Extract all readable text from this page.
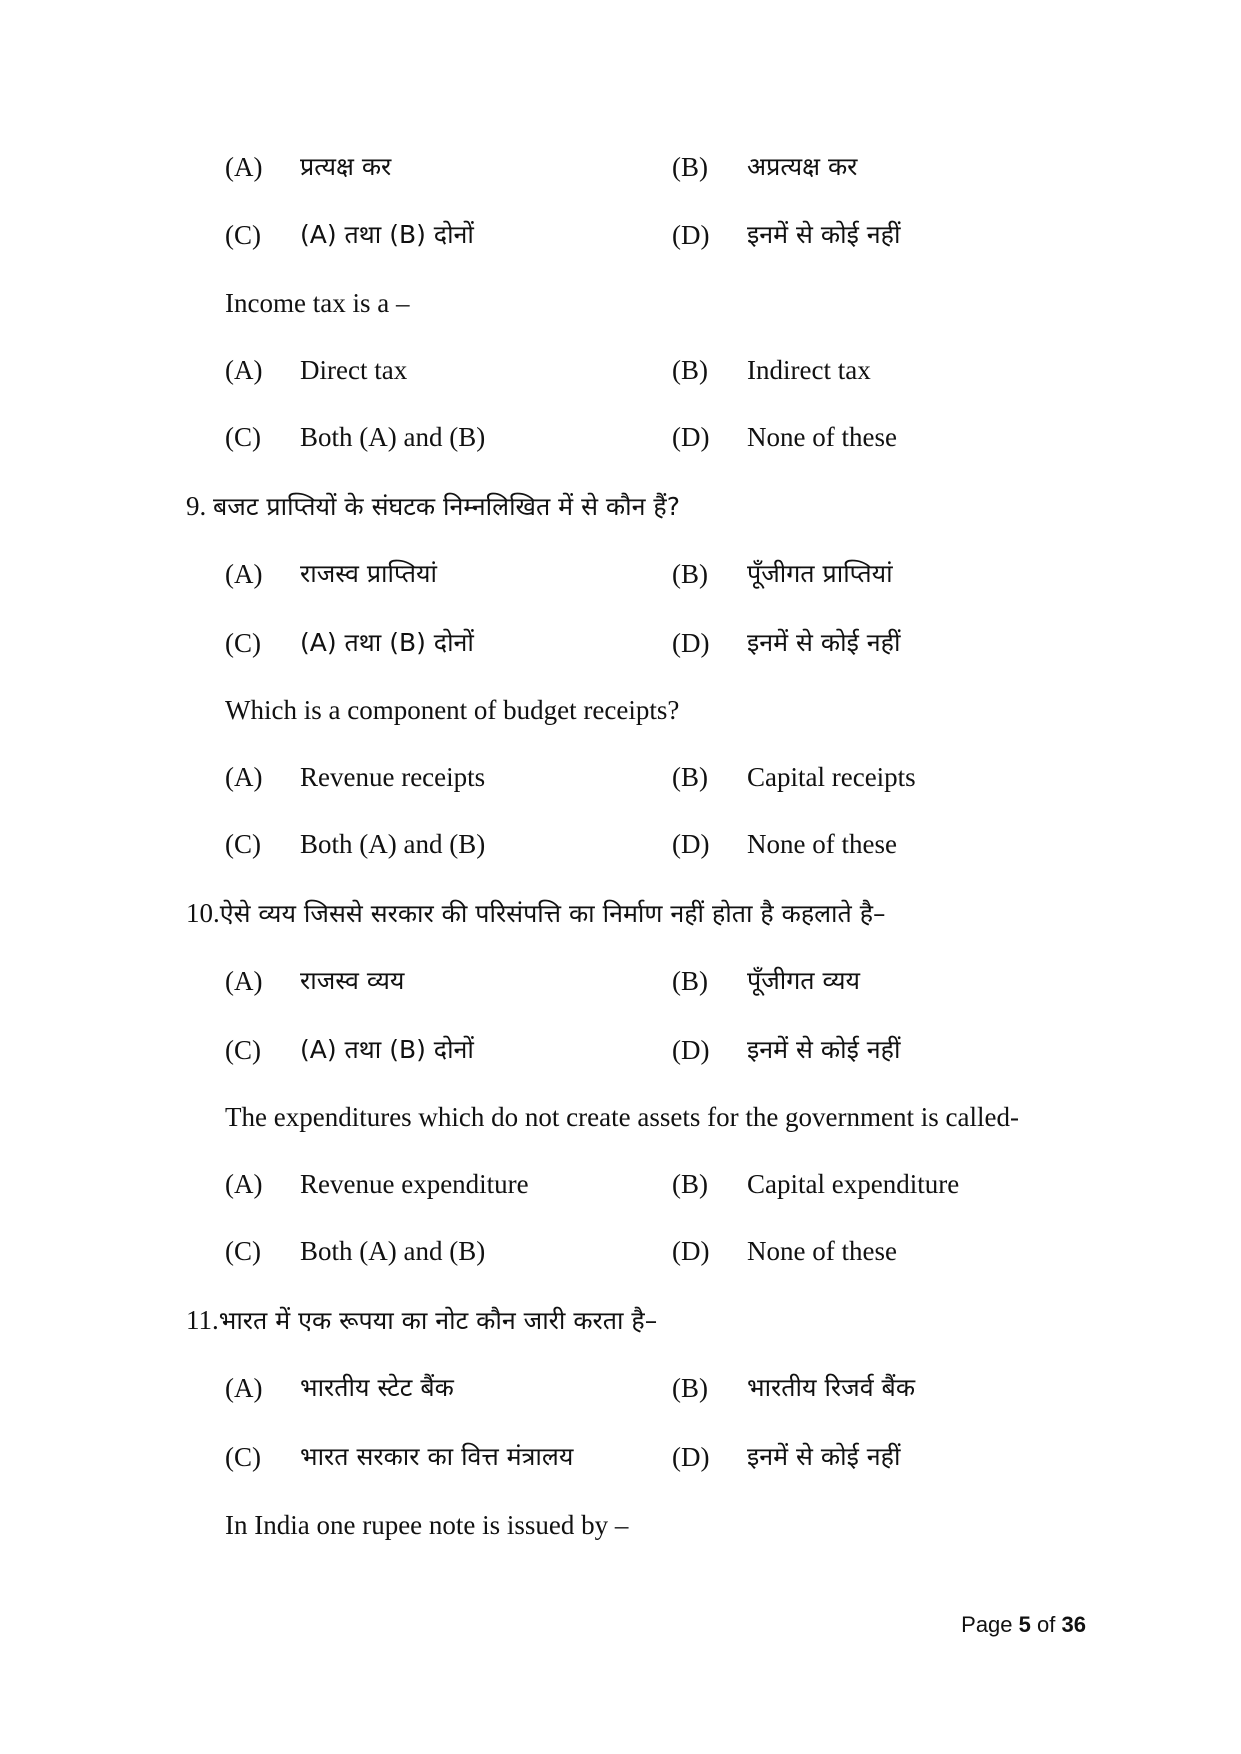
(A) प्रत्यक्ष कर	(B) अप्रत्यक्ष कर
(C) (A) तथा (B) दोनों	(D) इनमें से कोई नहीं
Income tax is a –
(A) Direct tax	(B) Indirect tax
(C) Both (A) and (B)	(D) None of these
9. बजट प्राप्तियों के संघटक निम्नलिखित में से कौन हैं?
(A) राजस्व प्राप्तियां	(B) पूँजीगत प्राप्तियां
(C) (A) तथा (B) दोनों	(D) इनमें से कोई नहीं
Which is a component of budget receipts?
(A) Revenue receipts	(B) Capital receipts
(C) Both (A) and (B)	(D) None of these
10.ऐसे व्यय जिससे सरकार की परिसंपत्ति का निर्माण नहीं होता है कहलाते है–
(A) राजस्व व्यय	(B) पूँजीगत व्यय
(C) (A) तथा (B) दोनों	(D) इनमें से कोई नहीं
The expenditures which do not create assets for the government is called-
(A) Revenue expenditure	(B) Capital expenditure
(C) Both (A) and (B)	(D) None of these
11.भारत में एक रूपया का नोट कौन जारी करता है–
(A) भारतीय स्टेट बैंक	(B) भारतीय रिजर्व बैंक
(C) भारत सरकार का वित्त मंत्रालय	(D) इनमें से कोई नहीं
In India one rupee note is issued by –
Page 5 of 36
